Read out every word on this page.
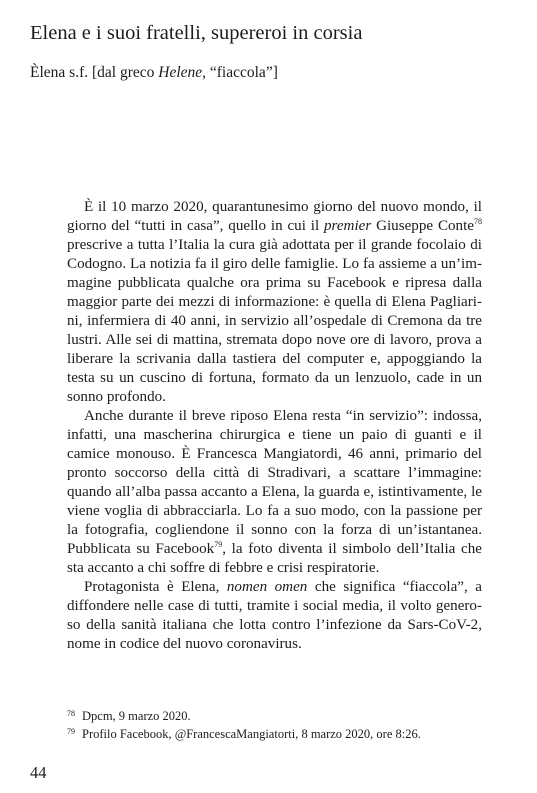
Elena e i suoi fratelli, supereroi in corsia
Èlena s.f. [dal greco Helene, “fiaccola”]

È il 10 marzo 2020, quarantunesimo giorno del nuovo mondo, il giorno del “tutti in casa”, quello in cui il premier Giuseppe Conte$^{78}$ prescrive a tutta l’Italia la cura già adottata per il grande focolaio di Codogno. La notizia fa il giro delle famiglie. Lo fa assieme a un’immagine pubblicata qualche ora prima su Facebook e ripresa dalla maggior parte dei mezzi di informazione: è quella di Elena Pagliarini, infermiera di 40 anni, in servizio all’ospedale di Cremona da tre lustri. Alle sei di mattina, stremata dopo nove ore di lavoro, prova a liberare la scrivania dalla tastiera del computer e, appoggiando la testa su un cuscino di fortuna, formato da un lenzuolo, cade in un sonno profondo.

Anche durante il breve riposo Elena resta “in servizio”: indossa, infatti, una mascherina chirurgica e tiene un paio di guanti e il camice monouso. È Francesca Mangiatordi, 46 anni, primario del pronto soccorso della città di Stradivari, a scattare l’immagine: quando all’alba passa accanto a Elena, la guarda e, istintivamente, le viene voglia di abbracciarla. Lo fa a suo modo, con la passione per la fotografia, cogliendone il sonno con la forza di un’istantanea. Pubblicata su Facebook$^{79}$, la foto diventa il simbolo dell’Italia che sta accanto a chi soffre di febbre e crisi respiratorie.

Protagonista è Elena, nomen omen che significa “fiaccola”, a diffondere nelle case di tutti, tramite i social media, il volto generoso della sanità italiana che lotta contro l’infezione da Sars-CoV-2, nome in codice del nuovo coronavirus.

78 Dpcm, 9 marzo 2020.
79 Profilo Facebook, @FrancescaMangiatorti, 8 marzo 2020, ore 8:26.
44
